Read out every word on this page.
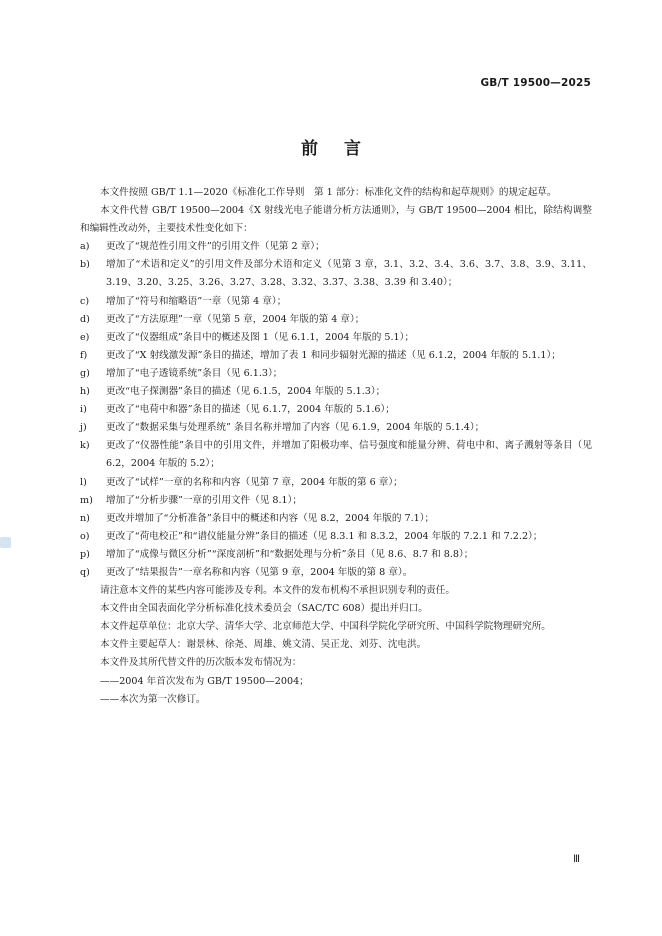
GB/T 19500—2025
前言
本文件按照 GB/T 1.1—2020《标准化工作导则　第 1 部分：标准化文件的结构和起草规则》的规定起草。
本文件代替 GB/T 19500—2004《X 射线光电子能谱分析方法通则》，与 GB/T 19500—2004 相比，除结构调整和编辑性改动外，主要技术性变化如下：
a)	更改了“规范性引用文件”的引用文件（见第 2 章）；
b)	增加了“术语和定义”的引用文件及部分术语和定义（见第 3 章，3.1、3.2、3.4、3.6、3.7、3.8、3.9、3.11、3.19、3.20、3.25、3.26、3.27、3.28、3.32、3.37、3.38、3.39 和 3.40）；
c)	增加了“符号和缩略语”一章（见第 4 章）；
d)	更改了“方法原理”一章（见第 5 章，2004 年版的第 4 章）；
e)	更改了“仪器组成”条目中的概述及图 1（见 6.1.1，2004 年版的 5.1）；
f)	更改了“X 射线激发源”条目的描述，增加了表 1 和同步辐射光源的描述（见 6.1.2，2004 年版的 5.1.1）；
g)	增加了“电子透镜系统”条目（见 6.1.3）；
h)	更改“电子探测器”条目的描述（见 6.1.5，2004 年版的 5.1.3）；
i)	更改了“电荷中和器”条目的描述（见 6.1.7，2004 年版的 5.1.6）；
j)	更改了“数据采集与处理系统” 条目名称并增加了内容（见 6.1.9，2004 年版的 5.1.4）；
k)	更改了“仪器性能”条目中的引用文件，并增加了阳极功率、信号强度和能量分辨、荷电中和、离子溅射等条目（见 6.2，2004 年版的 5.2）；
l)	更改了“试样”一章的名称和内容（见第 7 章，2004 年版的第 6 章）；
m)	增加了“分析步骤”一章的引用文件（见 8.1）；
n)	更改并增加了“分析准备”条目中的概述和内容（见 8.2，2004 年版的 7.1）；
o)	更改了“荷电校正”和“谱仪能量分辨”条目的描述（见 8.3.1 和 8.3.2，2004 年版的 7.2.1 和 7.2.2）；
p)	增加了“成像与微区分析”“深度剖析”和“数据处理与分析”条目（见 8.6、8.7 和 8.8）；
q)	更改了“结果报告”一章名称和内容（见第 9 章，2004 年版的第 8 章）。
请注意本文件的某些内容可能涉及专利。本文件的发布机构不承担识别专利的责任。
本文件由全国表面化学分析标准化技术委员会（SAC/TC 608）提出并归口。
本文件起草单位：北京大学、清华大学、北京师范大学、中国科学院化学研究所、中国科学院物理研究所。
本文件主要起草人：谢景林、徐尧、周雄、姚文清、吴正龙、刘芬、沈电洪。
本文件及其所代替文件的历次版本发布情况为：
——2004 年首次发布为 GB/T 19500—2004；
——本次为第一次修订。
Ⅲ
